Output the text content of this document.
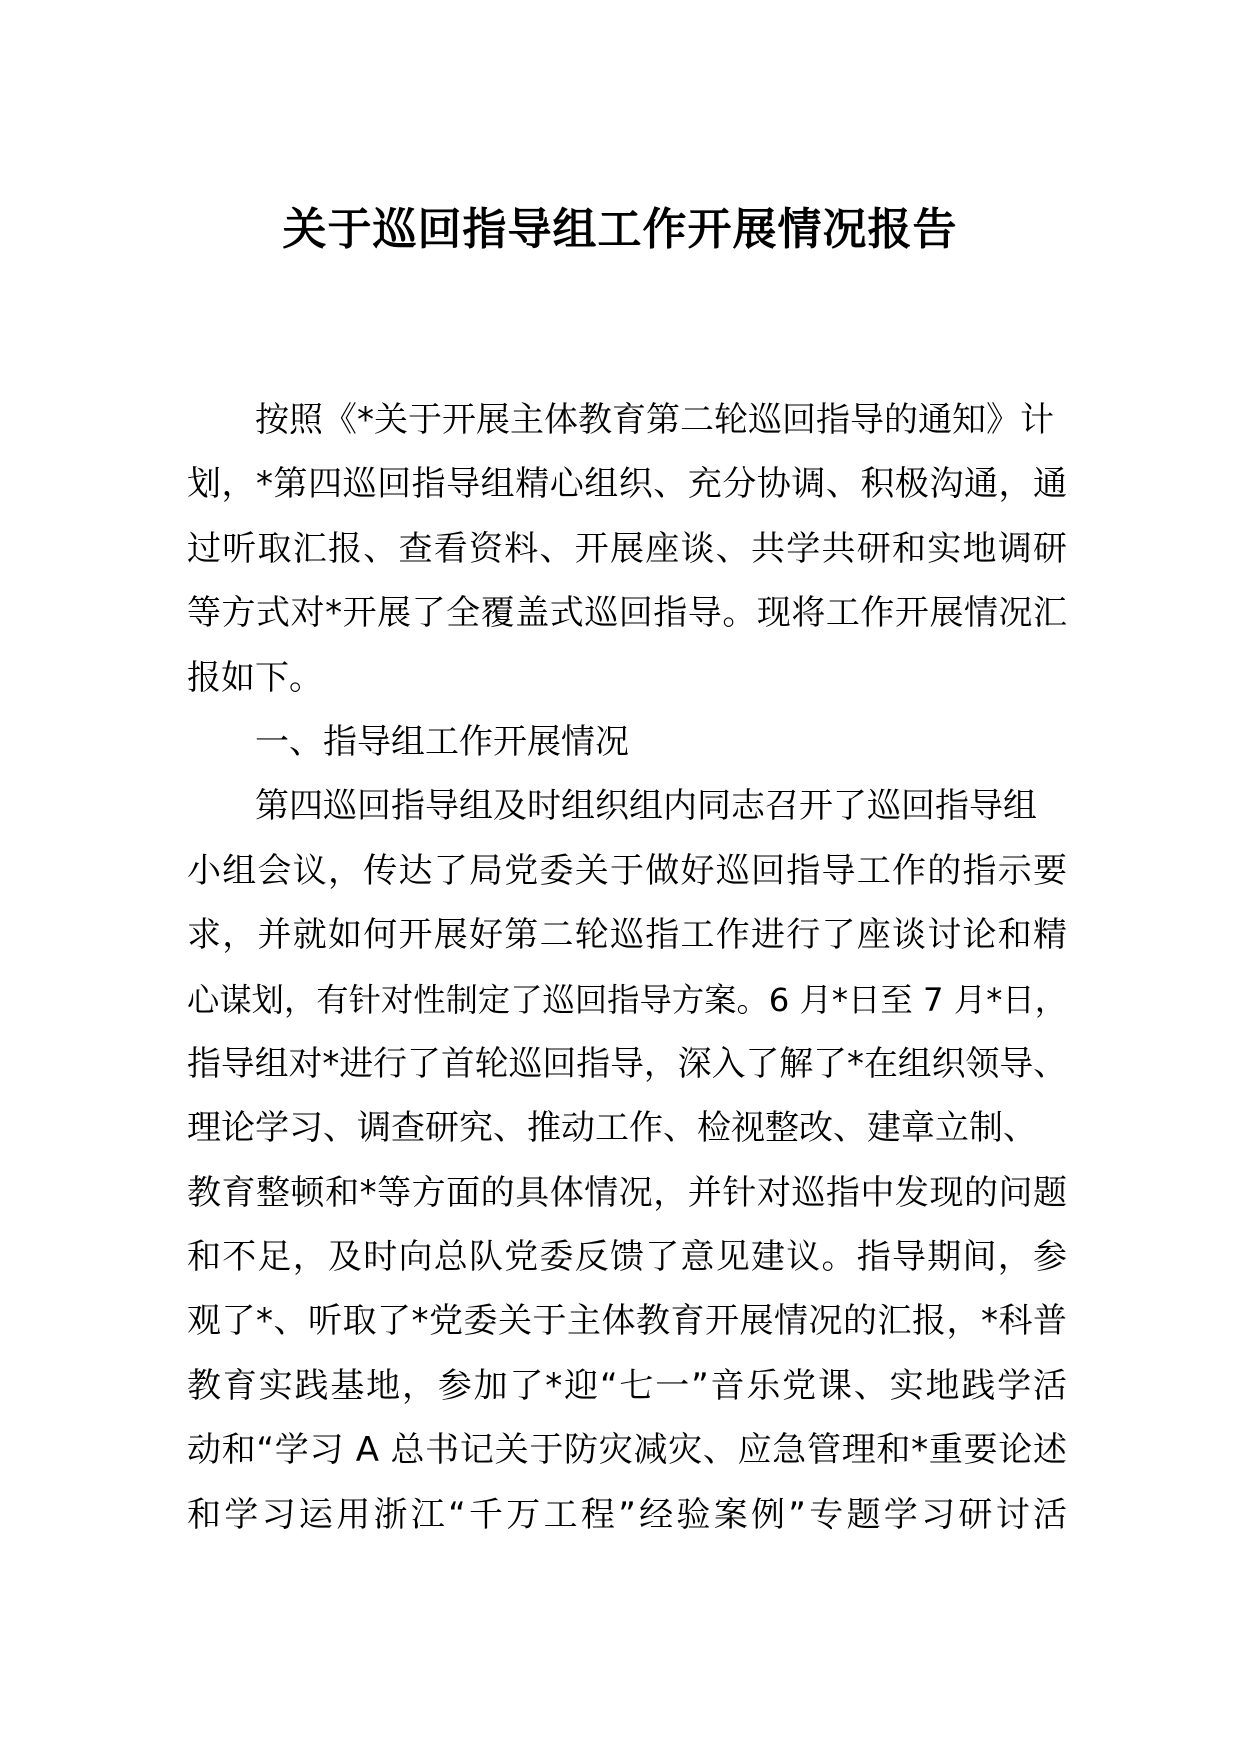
关于巡回指导组工作开展情况报告
按照《*关于开展主体教育第二轮巡回指导的通知》计
划，*第四巡回指导组精心组织、充分协调、积极沟通，通
过听取汇报、查看资料、开展座谈、共学共研和实地调研
等方式对*开展了全覆盖式巡回指导。现将工作开展情况汇
报如下。
一、指导组工作开展情况
第四巡回指导组及时组织组内同志召开了巡回指导组
小组会议，传达了局党委关于做好巡回指导工作的指示要
求，并就如何开展好第二轮巡指工作进行了座谈讨论和精
心谋划，有针对性制定了巡回指导方案。6 月*日至 7 月*日，
指导组对*进行了首轮巡回指导，深入了解了*在组织领导、
理论学习、调查研究、推动工作、检视整改、建章立制、
教育整顿和*等方面的具体情况，并针对巡指中发现的问题
和不足，及时向总队党委反馈了意见建议。指导期间，参
观了*、听取了*党委关于主体教育开展情况的汇报，*科普
教育实践基地，参加了*迎“七一”音乐党课、实地践学活
动和“学习 A 总书记关于防灾减灾、应急管理和*重要论述
和学习运用浙江“千万工程”经验案例”专题学习研讨活
